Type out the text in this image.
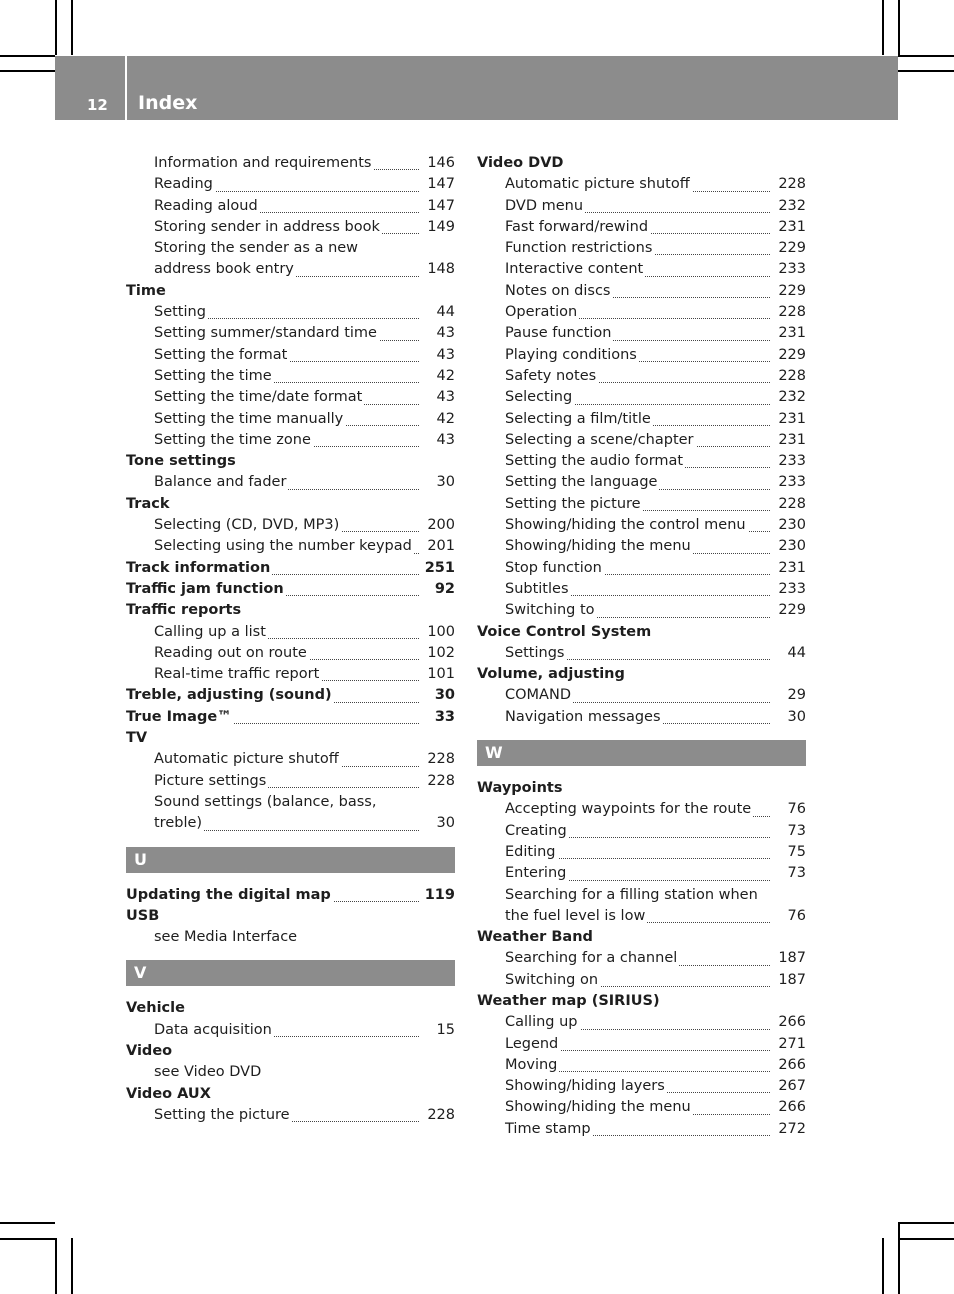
12 Index
Information and requirements	146
Reading	147
Reading aloud	147
Storing sender in address book	149
Storing the sender as a new
address book entry	148
Time
Setting	44
Setting summer/standard time	43
Setting the format	43
Setting the time	42
Setting the time/date format	43
Setting the time manually	42
Setting the time zone	43
Tone settings
Balance and fader	30
Track
Selecting (CD, DVD, MP3)	200
Selecting using the number keypad 201
Track information	251
Traffic jam function	92
Traffic reports
Calling up a list	100
Reading out on route	102
Real-time traffic report	101
Treble, adjusting (sound)	30
True Image™	33
TV
Automatic picture shutoff	228
Picture settings	228
Sound settings (balance, bass,
treble)	30
U
Updating the digital map	119
USB
see Media Interface
V
Vehicle
Data acquisition	15
Video
see Video DVD
Video AUX
Setting the picture	228
Video DVD
Automatic picture shutoff	228
DVD menu	232
Fast forward/rewind	231
Function restrictions	229
Interactive content	233
Notes on discs	229
Operation	228
Pause function	231
Playing conditions	229
Safety notes	228
Selecting	232
Selecting a film/title	231
Selecting a scene/chapter	231
Setting the audio format	233
Setting the language	233
Setting the picture	228
Showing/hiding the control menu 230
Showing/hiding the menu	230
Stop function	231
Subtitles	233
Switching to	229
Voice Control System
Settings	44
Volume, adjusting
COMAND	29
Navigation messages	30
W
Waypoints
Accepting waypoints for the route	76
Creating	73
Editing	75
Entering	73
Searching for a filling station when
the fuel level is low	76
Weather Band
Searching for a channel	187
Switching on	187
Weather map (SIRIUS)
Calling up	266
Legend	271
Moving	266
Showing/hiding layers	267
Showing/hiding the menu	266
Time stamp	272
